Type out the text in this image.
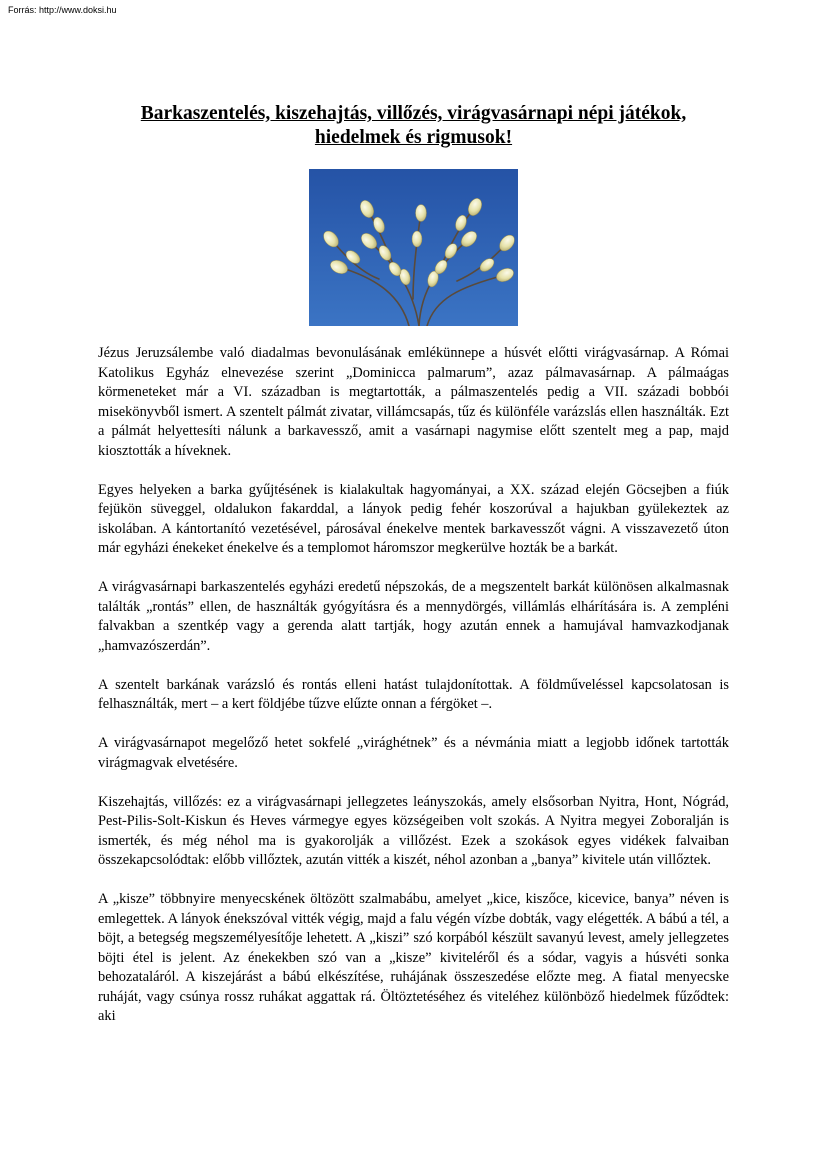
Forrás: http://www.doksi.hu
Barkaszentelés, kiszehajtás, villőzés, virágvasárnapi népi játékok,
hiedelmek és rigmusok!

Jézus Jeruzsálembe való diadalmas bevonulásának emlékünnepe a húsvét előtti virágvasárnap. A Római Katolikus Egyház elnevezése szerint „Dominicca palmarum”, azaz pálmavasárnap. A pálmaágas körmeneteket már a VI. században is megtartották, a pálmaszentelés pedig a VII. századi bobbói misekönyvből ismert. A szentelt pálmát zivatar, villámcsapás, tűz és különféle varázslás ellen használták. Ezt a pálmát helyettesíti nálunk a barkavessző, amit a vasárnapi nagymise előtt szentelt meg a pap, majd kiosztották a híveknek.

Egyes helyeken a barka gyűjtésének is kialakultak hagyományai, a XX. század elején Göcsejben a fiúk fejükön süveggel, oldalukon fakarddal, a lányok pedig fehér koszorúval a hajukban gyülekeztek az iskolában. A kántortanító vezetésével, párosával énekelve mentek barkavesszőt vágni. A visszavezető úton már egyházi énekeket énekelve és a templomot háromszor megkerülve hozták be a barkát.

A virágvasárnapi barkaszentelés egyházi eredetű népszokás, de a megszentelt barkát különösen alkalmasnak találták „rontás” ellen, de használták gyógyításra és a mennydörgés, villámlás elhárítására is. A zempléni falvakban a szentkép vagy a gerenda alatt tartják, hogy azután ennek a hamujával hamvazkodjanak „hamvazószerdán”.

A szentelt barkának varázsló és rontás elleni hatást tulajdonítottak. A földműveléssel kapcsolatosan is felhasználták, mert – a kert földjébe tűzve elűzte onnan a férgöket –.

A virágvasárnapot megelőző hetet sokfelé „virághétnek” és a névmánia miatt a legjobb időnek tartották virágmagvak elvetésére.

Kiszehajtás, villőzés: ez a virágvasárnapi jellegzetes leányszokás, amely elsősorban Nyitra, Hont, Nógrád, Pest-Pilis-Solt-Kiskun és Heves vármegye egyes községeiben volt szokás. A Nyitra megyei Zoboralján is ismerték, és még néhol ma is gyakorolják a villőzést. Ezek a szokások egyes vidékek falvaiban összekapcsolódtak: előbb villőztek, azután vitték a kiszét, néhol azonban a „banya” kivitele után villőztek.

A „kisze” többnyire menyecskének öltözött szalmabábu, amelyet „kice, kiszőce, kicevice, banya” néven is emlegettek. A lányok énekszóval vitték végig, majd a falu végén vízbe dobták, vagy elégették. A bábú a tél, a böjt, a betegség megszemélyesítője lehetett. A „kiszi” szó korpából készült savanyú levest, amely jellegzetes böjti étel is jelent. Az énekekben szó van a „kisze” kiviteléről és a sódar, vagyis a húsvéti sonka behozataláról. A kiszejárást a bábú elkészítése, ruhájának összeszedése előzte meg. A fiatal menyecske ruháját, vagy csúnya rossz ruhákat aggattak rá. Öltöztetéséhez és viteléhez különböző hiedelmek fűződtek: aki
